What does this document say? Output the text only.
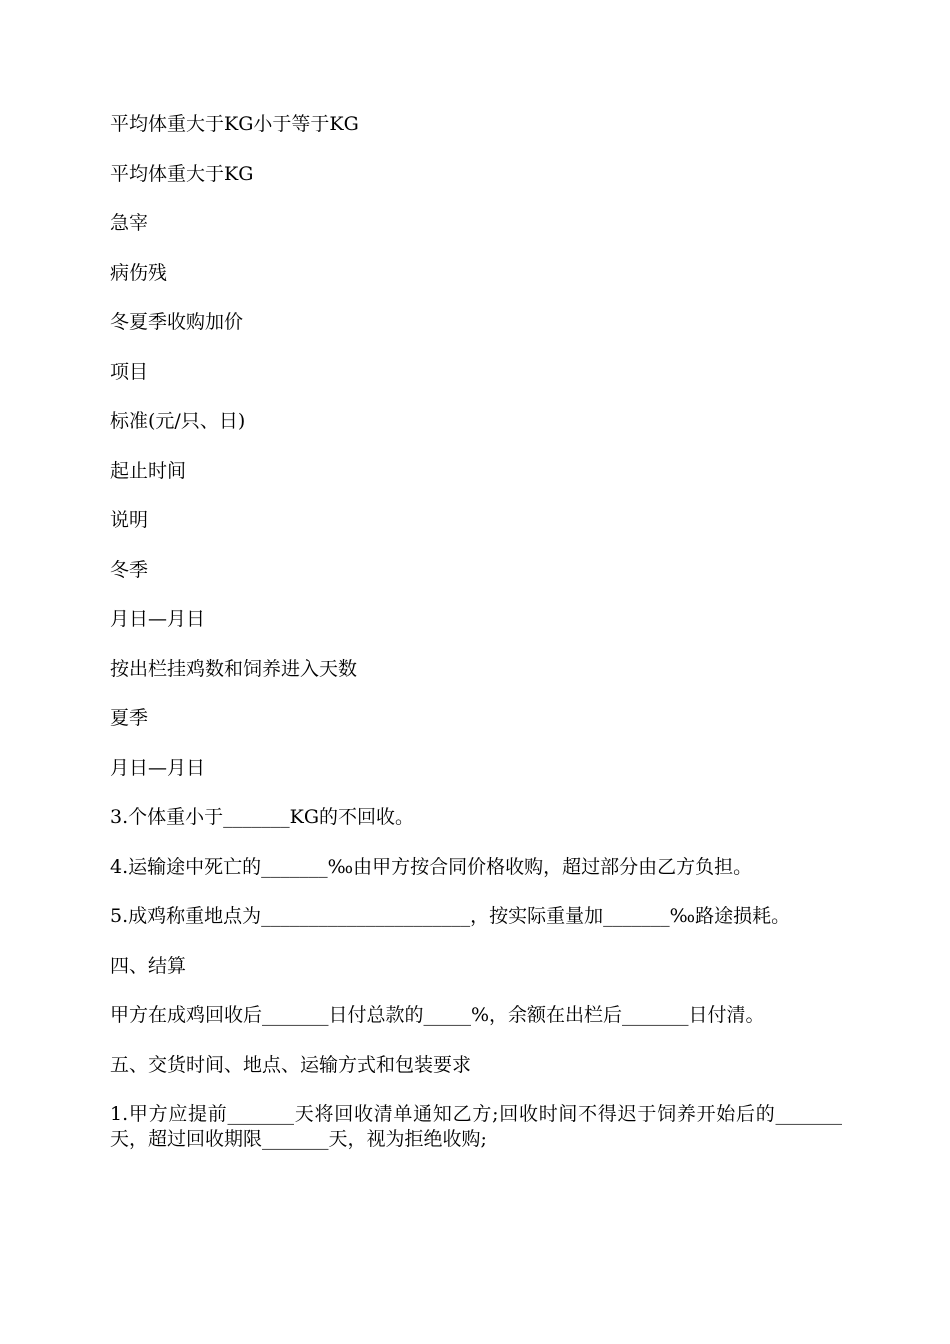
平均体重大于KG小于等于KG

平均体重大于KG

急宰

病伤残

冬夏季收购加价

项目

标准(元/只、日)

起止时间

说明

冬季

月日—月日

按出栏挂鸡数和饲养进入天数

夏季

月日—月日

3.个体重小于_______KG的不回收。

4.运输途中死亡的_______‰由甲方按合同价格收购，超过部分由乙方负担。

5.成鸡称重地点为______________________，按实际重量加_______‰路途损耗。

四、结算

甲方在成鸡回收后_______日付总款的_____%，余额在出栏后_______日付清。

五、交货时间、地点、运输方式和包装要求

1.甲方应提前_______天将回收清单通知乙方;回收时间不得迟于饲养开始后的_______天，超过回收期限_______天，视为拒绝收购;
